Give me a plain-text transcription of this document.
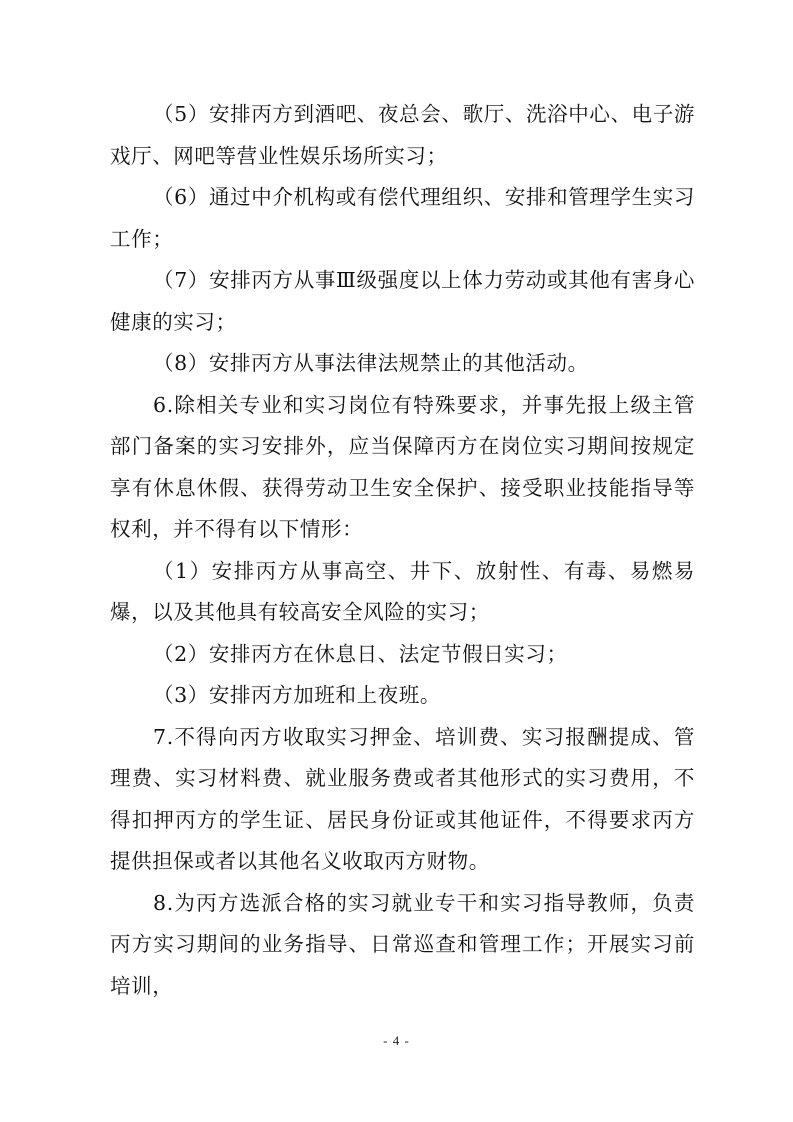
（5）安排丙方到酒吧、夜总会、歌厅、洗浴中心、电子游戏厅、网吧等营业性娱乐场所实习；

（6）通过中介机构或有偿代理组织、安排和管理学生实习工作；

（7）安排丙方从事Ⅲ级强度以上体力劳动或其他有害身心健康的实习；

（8）安排丙方从事法律法规禁止的其他活动。

6.除相关专业和实习岗位有特殊要求，并事先报上级主管部门备案的实习安排外，应当保障丙方在岗位实习期间按规定享有休息休假、获得劳动卫生安全保护、接受职业技能指导等权利，并不得有以下情形：

（1）安排丙方从事高空、井下、放射性、有毒、易燃易爆，以及其他具有较高安全风险的实习；

（2）安排丙方在休息日、法定节假日实习；

（3）安排丙方加班和上夜班。

7.不得向丙方收取实习押金、培训费、实习报酬提成、管理费、实习材料费、就业服务费或者其他形式的实习费用，不得扣押丙方的学生证、居民身份证或其他证件，不得要求丙方提供担保或者以其他名义收取丙方财物。

8.为丙方选派合格的实习就业专干和实习指导教师，负责丙方实习期间的业务指导、日常巡查和管理工作；开展实习前培训，

- 4 -
